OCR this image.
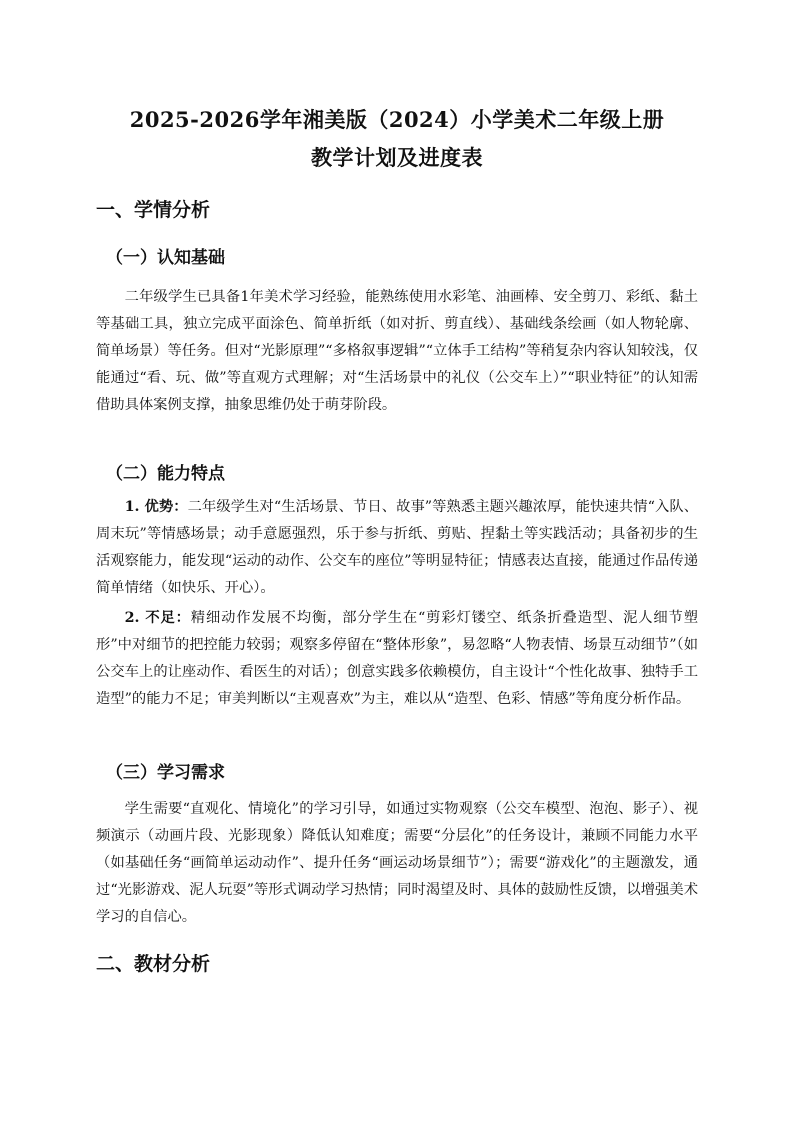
2025-2026学年湘美版（2024）小学美术二年级上册
教学计划及进度表
一、学情分析
（一）认知基础

二年级学生已具备1年美术学习经验，能熟练使用水彩笔、油画棒、安全剪刀、彩纸、黏土等基础工具，独立完成平面涂色、简单折纸（如对折、剪直线）、基础线条绘画（如人物轮廓、简单场景）等任务。但对“光影原理”“多格叙事逻辑”“立体手工结构”等稍复杂内容认知较浅，仅能通过“看、玩、做”等直观方式理解；对“生活场景中的礼仪（公交车上）”“职业特征”的认知需借助具体案例支撑，抽象思维仍处于萌芽阶段。

（二）能力特点

1. 优势：二年级学生对“生活场景、节日、故事”等熟悉主题兴趣浓厚，能快速共情“入队、周末玩”等情感场景；动手意愿强烈，乐于参与折纸、剪贴、捏黏土等实践活动；具备初步的生活观察能力，能发现“运动的动作、公交车的座位”等明显特征；情感表达直接，能通过作品传递简单情绪（如快乐、开心）。

2. 不足：精细动作发展不均衡，部分学生在“剪彩灯镂空、纸条折叠造型、泥人细节塑形”中对细节的把控能力较弱；观察多停留在“整体形象”，易忽略“人物表情、场景互动细节”（如公交车上的让座动作、看医生的对话）；创意实践多依赖模仿，自主设计“个性化故事、独特手工造型”的能力不足；审美判断以“主观喜欢”为主，难以从“造型、色彩、情感”等角度分析作品。

（三）学习需求

学生需要“直观化、情境化”的学习引导，如通过实物观察（公交车模型、泡泡、影子）、视频演示（动画片段、光影现象）降低认知难度；需要“分层化”的任务设计，兼顾不同能力水平（如基础任务“画简单运动动作”、提升任务“画运动场景细节”）；需要“游戏化”的主题激发，通过“光影游戏、泥人玩耍”等形式调动学习热情；同时渴望及时、具体的鼓励性反馈，以增强美术学习的自信心。

二、教材分析
